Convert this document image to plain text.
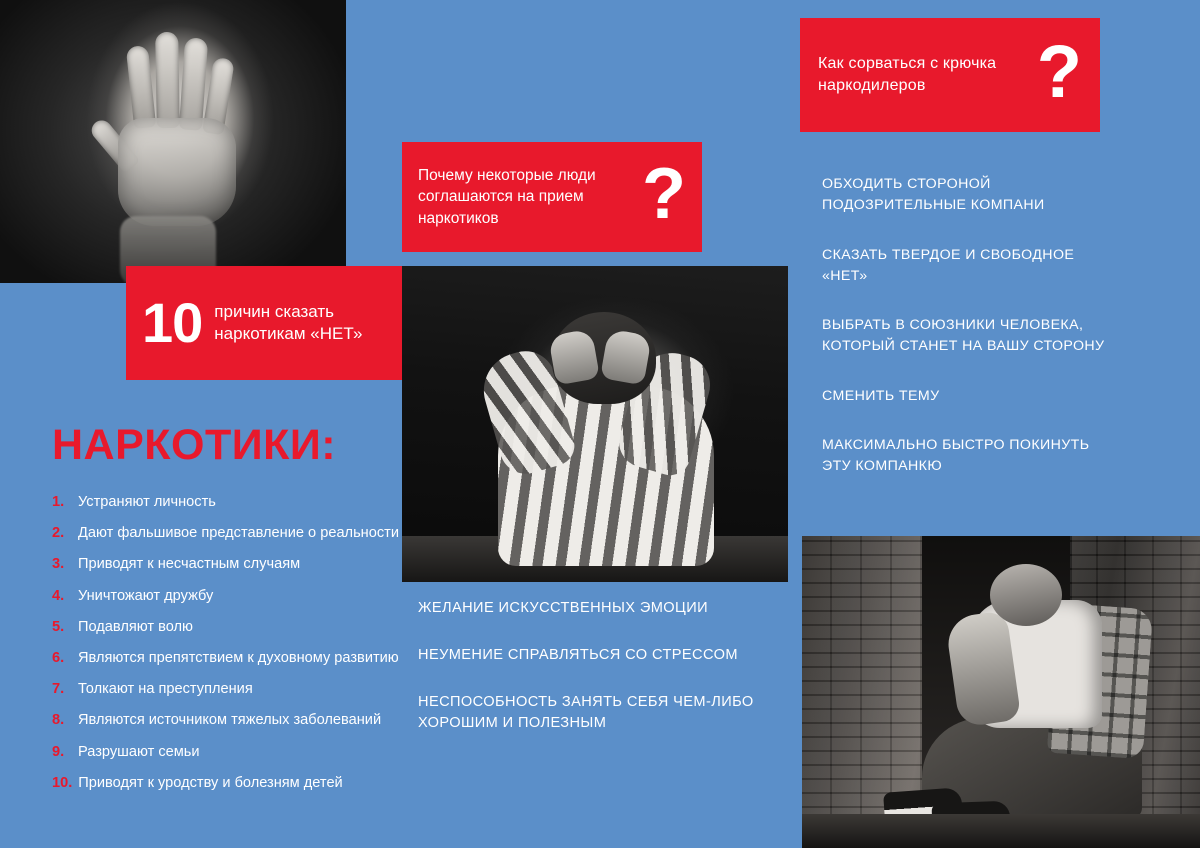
Как сорваться с крючка наркодилеров	?
Почему некоторые люди соглашаются на прием наркотиков	?
10 причин сказать наркотикам «НЕТ»
НАРКОТИКИ:
1. Устраняют личность
2. Дают фальшивое представление о реальности
3. Приводят к несчастным случаям
4. Уничтожают дружбу
5. Подавляют волю
6. Являются препятствием к духовному развитию
7. Толкают на преступления
8. Являются источником тяжелых заболеваний
9. Разрушают семьи
10. Приводят к уродству и болезням детей
ЖЕЛАНИЕ ИСКУССТВЕННЫХ ЭМОЦИИ
НЕУМЕНИЕ СПРАВЛЯТЬСЯ СО СТРЕССОМ
НЕСПОСОБНОСТЬ ЗАНЯТЬ СЕБЯ ЧЕМ-ЛИБО ХОРОШИМ И ПОЛЕЗНЫМ
ОБХОДИТЬ СТОРОНОЙ ПОДОЗРИТЕЛЬНЫЕ КОМПАНИ
СКАЗАТЬ ТВЕРДОЕ И СВОБОДНОЕ «НЕТ»
ВЫБРАТЬ В СОЮЗНИКИ ЧЕЛОВЕКА, КОТОРЫЙ СТАНЕТ НА ВАШУ СТОРОНУ
СМЕНИТЬ ТЕМУ
МАКСИМАЛЬНО БЫСТРО ПОКИНУТЬ ЭТУ КОМПАНКЮ
